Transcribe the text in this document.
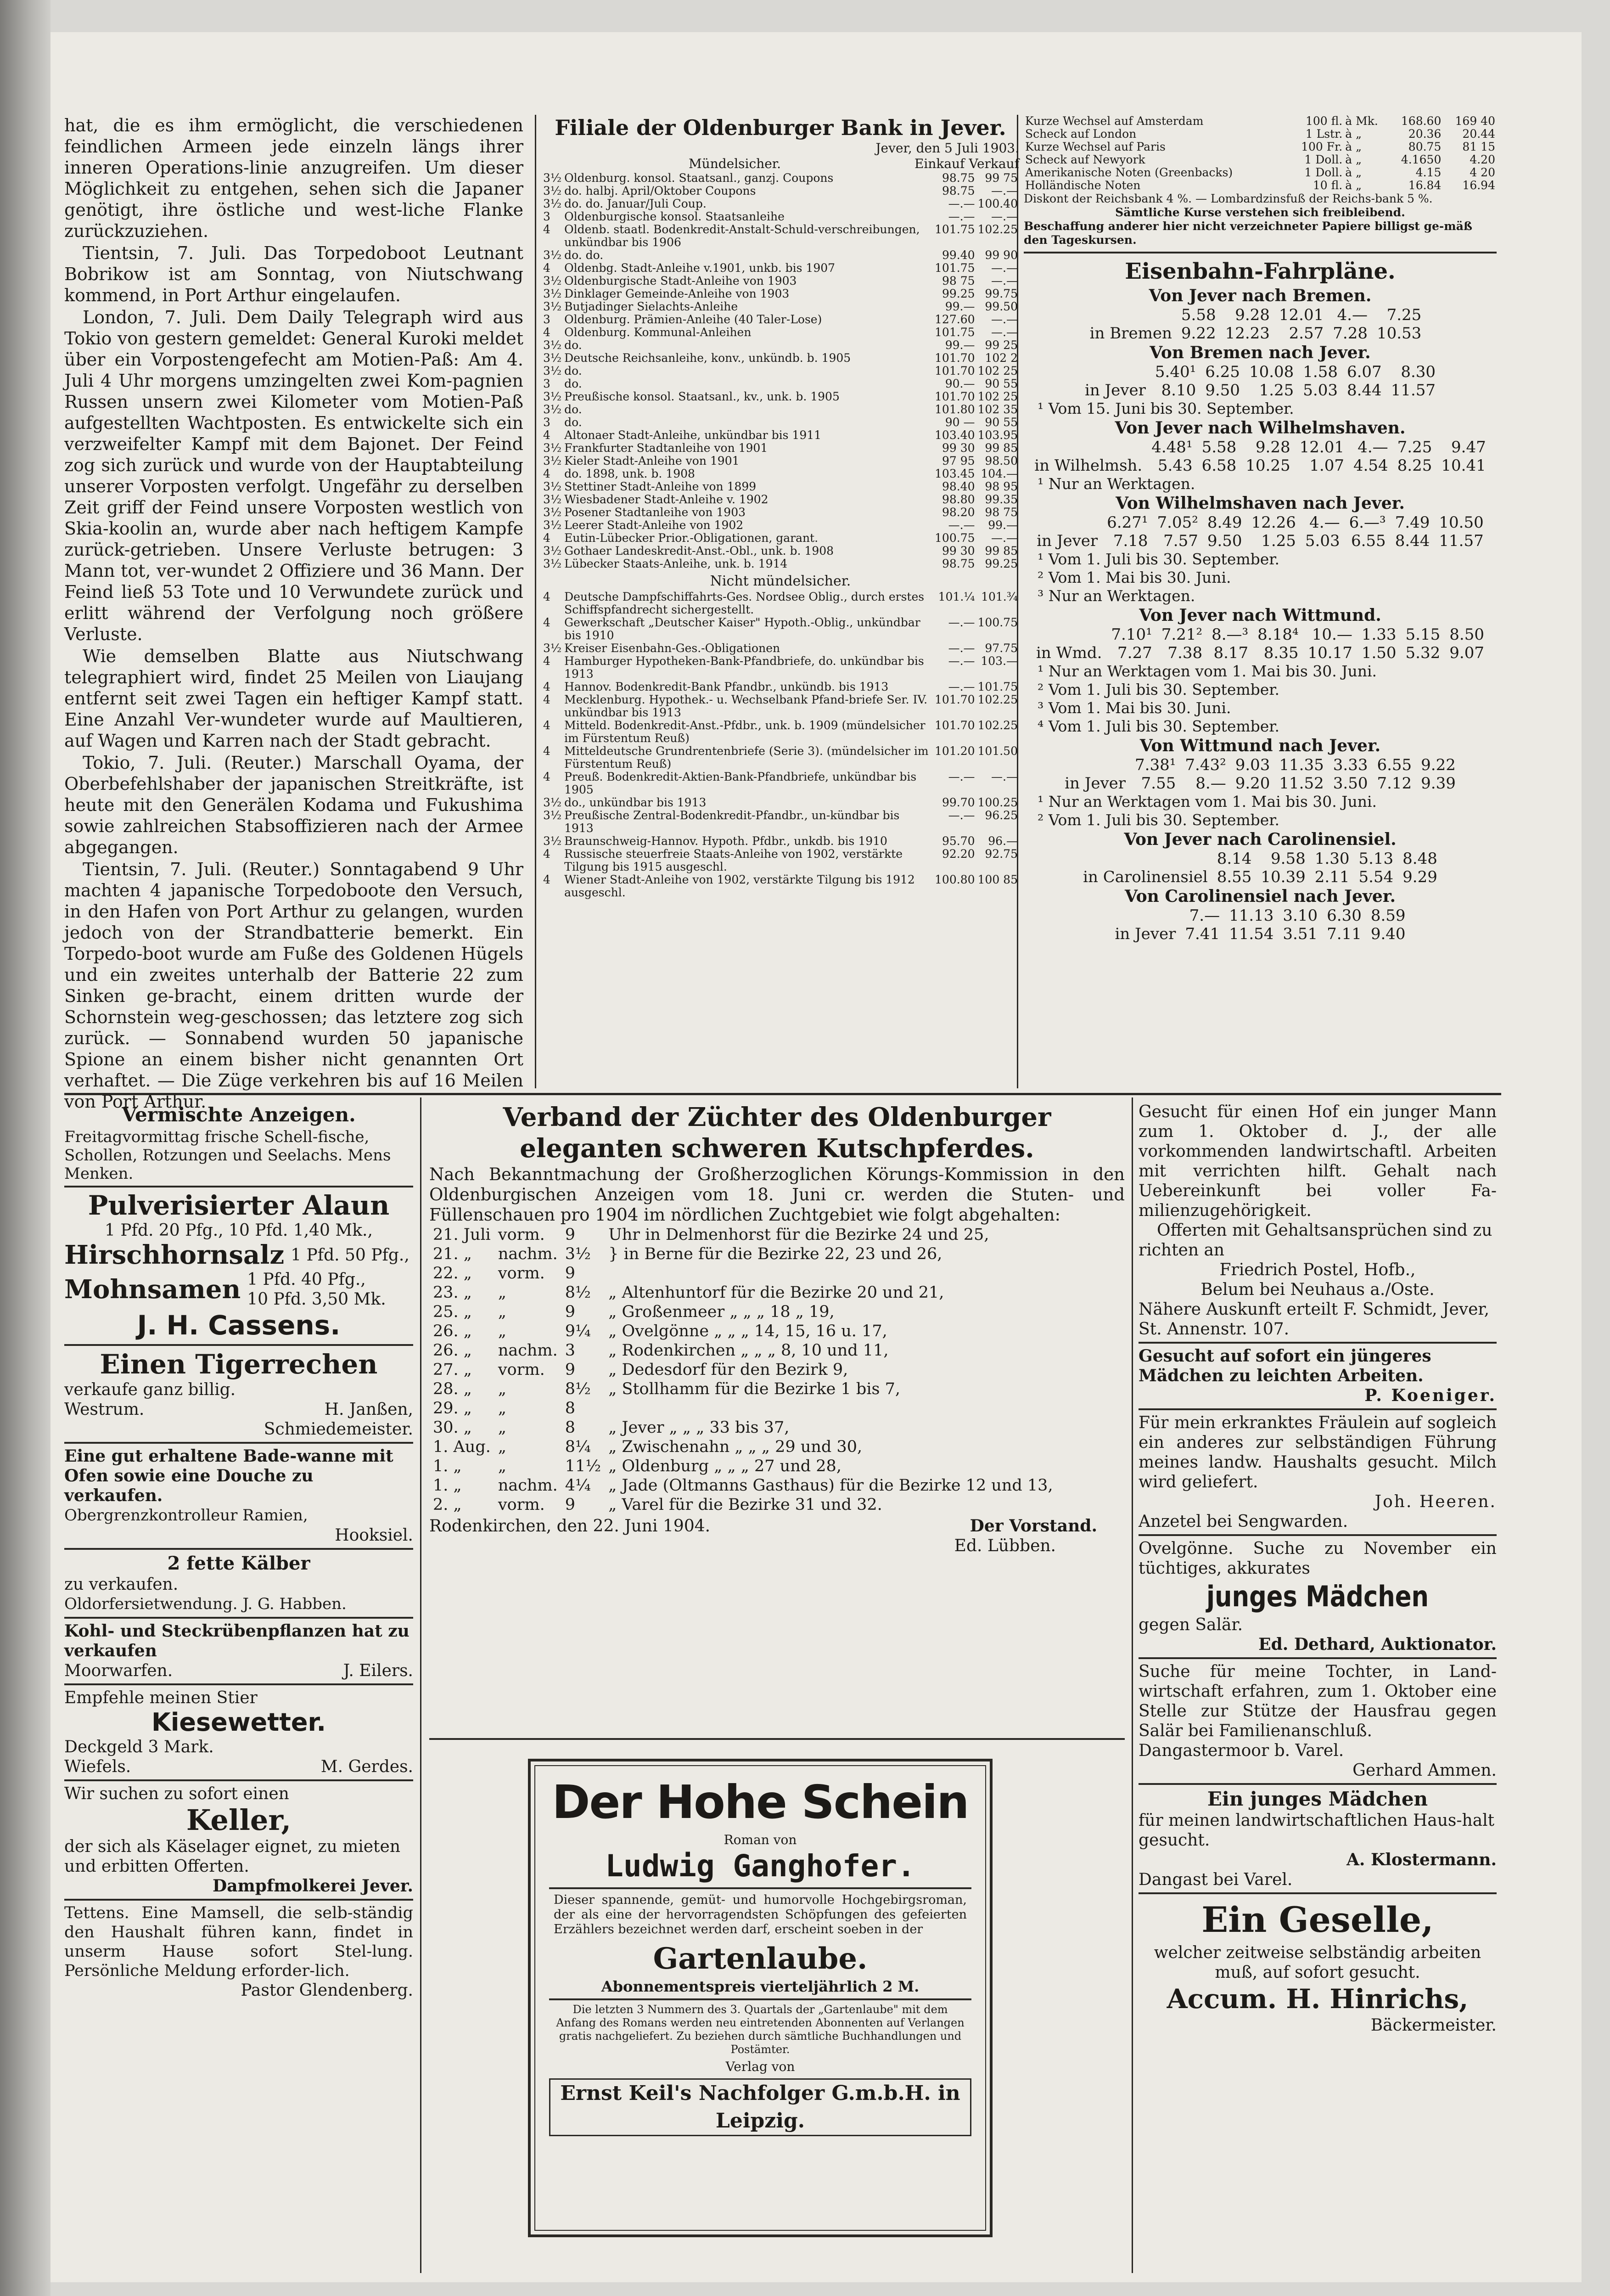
hat, die es ihm ermöglicht, die verschiedenen feindlichen Armeen jede einzeln längs ihrer inneren Operations-linie anzugreifen. Um dieser Möglichkeit zu entgehen, sehen sich die Japaner genötigt, ihre östliche und west-liche Flanke zurückzuziehen.

Tientsin, 7. Juli. Das Torpedoboot Leutnant Bobrikow ist am Sonntag, von Niutschwang kommend, in Port Arthur eingelaufen.

London, 7. Juli. Dem Daily Telegraph wird aus Tokio von gestern gemeldet: General Kuroki meldet über ein Vorpostengefecht am Motien-Paß: Am 4. Juli 4 Uhr morgens umzingelten zwei Kom-pagnien Russen unsern zwei Kilometer vom Motien-Paß aufgestellten Wachtposten. Es entwickelte sich ein verzweifelter Kampf mit dem Bajonet. Der Feind zog sich zurück und wurde von der Hauptabteilung unserer Vorposten verfolgt. Ungefähr zu derselben Zeit griff der Feind unsere Vorposten westlich von Skia-koolin an, wurde aber nach heftigem Kampfe zurück-getrieben. Unsere Verluste betrugen: 3 Mann tot, ver-wundet 2 Offiziere und 36 Mann. Der Feind ließ 53 Tote und 10 Verwundete zurück und erlitt während der Verfolgung noch größere Verluste.

Wie demselben Blatte aus Niutschwang telegraphiert wird, findet 25 Meilen von Liaujang entfernt seit zwei Tagen ein heftiger Kampf statt. Eine Anzahl Ver-wundeter wurde auf Maultieren, auf Wagen und Karren nach der Stadt gebracht.

Tokio, 7. Juli. (Reuter.) Marschall Oyama, der Oberbefehlshaber der japanischen Streitkräfte, ist heute mit den Generälen Kodama und Fukushima sowie zahlreichen Stabsoffizieren nach der Armee abgegangen.

Tientsin, 7. Juli. (Reuter.) Sonntagabend 9 Uhr machten 4 japanische Torpedoboote den Versuch, in den Hafen von Port Arthur zu gelangen, wurden jedoch von der Strandbatterie bemerkt. Ein Torpedo-boot wurde am Fuße des Goldenen Hügels und ein zweites unterhalb der Batterie 22 zum Sinken ge-bracht, einem dritten wurde der Schornstein weg-geschossen; das letztere zog sich zurück. — Sonnabend wurden 50 japanische Spione an einem bisher nicht genannten Ort verhaftet. — Die Züge verkehren bis auf 16 Meilen von Port Arthur.

Filiale der Oldenburger Bank in Jever.
Jever, den 5 Juli 1903.
Mündelsicher.	Einkauf Verkauf
3½	Oldenburg. konsol. Staatsanl., ganzj. Coupons	98.75	99 75
3½	do. halbj. April/Oktober Coupons	98.75	—.—
3½	do. do. Januar/Juli Coup.	—.—	100.40
3	Oldenburgische konsol. Staatsanleihe	—.—	—.—
4	Oldenb. staatl. Bodenkredit-Anstalt-Schuld-verschreibungen, unkündbar bis 1906	101.75	102.25
3½	do. do.	99.40	99 90
4	Oldenbg. Stadt-Anleihe v.1901, unkb. bis 1907	101.75	—.—
3½	Oldenburgische Stadt-Anleihe von 1903	98 75	—.—
3½	Dinklager Gemeinde-Anleihe von 1903	99.25	99.75
3½	Butjadinger Sielachts-Anleihe	99.—	99.50
3	Oldenburg. Prämien-Anleihe (40 Taler-Lose)	127.60	—.—
4	Oldenburg. Kommunal-Anleihen	101.75	—.—
3½	do.	99.—	99 25
3½	Deutsche Reichsanleihe, konv., unkündb. b. 1905	101.70	102 2
3½	do.	101.70	102 25
3	do.	90.—	90 55
3½	Preußische konsol. Staatsanl., kv., unk. b. 1905	101.70	102 25
3½	do.	101.80	102 35
3	do.	90 —	90 55
4	Altonaer Stadt-Anleihe, unkündbar bis 1911	103.40	103.95
3½	Frankfurter Stadtanleihe von 1901	99 30	99 85
3½	Kieler Stadt-Anleihe von 1901	97 95	98.50
4	do. 1898, unk. b. 1908	103.45	104.—
3½	Stettiner Stadt-Anleihe von 1899	98.40	98 95
3½	Wiesbadener Stadt-Anleihe v. 1902	98.80	99.35
3½	Posener Stadtanleihe von 1903	98.20	98 75
3½	Leerer Stadt-Anleihe von 1902	—.—	99.—
4	Eutin-Lübecker Prior.-Obligationen, garant.	100.75	—.—
3½	Gothaer Landeskredit-Anst.-Obl., unk. b. 1908	99 30	99 85
3½	Lübecker Staats-Anleihe, unk. b. 1914	98.75	99.25
Nicht mündelsicher.
4	Deutsche Dampfschiffahrts-Ges. Nordsee Oblig., durch erstes Schiffspfandrecht sichergestellt.	101.¼	101.¾
4	Gewerkschaft „Deutscher Kaiser" Hypoth.-Oblig., unkündbar bis 1910	—.—	100.75
3½	Kreiser Eisenbahn-Ges.-Obligationen	—.—	97.75
4	Hamburger Hypotheken-Bank-Pfandbriefe, do. unkündbar bis 1913	—.—	103.—
4	Hannov. Bodenkredit-Bank Pfandbr., unkündb. bis 1913	—.—	101.75
4	Mecklenburg. Hypothek.- u. Wechselbank Pfand-briefe Ser. IV. unkündbar bis 1913	101.70	102.25
4	Mitteld. Bodenkredit-Anst.-Pfdbr., unk. b. 1909 (mündelsicher im Fürstentum Reuß)	101.70	102.25
4	Mitteldeutsche Grundrentenbriefe (Serie 3). (mündelsicher im Fürstentum Reuß)	101.20	101.50
4	Preuß. Bodenkredit-Aktien-Bank-Pfandbriefe, unkündbar bis 1905	—.—	—.—
3½	do., unkündbar bis 1913	99.70	100.25
3½	Preußische Zentral-Bodenkredit-Pfandbr., un-kündbar bis 1913	—.—	96.25
3½	Braunschweig-Hannov. Hypoth. Pfdbr., unkdb. bis 1910	95.70	96.—
4	Russische steuerfreie Staats-Anleihe von 1902, verstärkte Tilgung bis 1915 ausgeschl.	92.20	92.75
4	Wiener Stadt-Anleihe von 1902, verstärkte Tilgung bis 1912 ausgeschl.	100.80	100 85
Kurze Wechsel auf Amsterdam	100 fl.	à Mk.	168.60	169 40
Scheck auf London	1 Lstr.	à „	20.36	20.44
Kurze Wechsel auf Paris	100 Fr.	à „	80.75	81 15
Scheck auf Newyork	1 Doll.	à „	4.1650	4.20
Amerikanische Noten (Greenbacks)	1 Doll.	à „	4.15	4 20
Holländische Noten	10 fl.	à „	16.84	16.94
Diskont der Reichsbank 4 %. — Lombardzinsfuß der Reichs-bank 5 %.
Sämtliche Kurse verstehen sich freibleibend.
Beschaffung anderer hier nicht verzeichneter Papiere billigst ge-mäß den Tageskursen.
Eisenbahn-Fahrpläne.
Von Jever nach Bremen.
	5.58	9.28	12.01	4.—	7.25	
in Bremen	9.22	12.23	2.57	7.28	10.53	
Von Bremen nach Jever.
	5.40¹	6.25	10.08	1.58	6.07	8.30
in Jever	8.10	9.50	1.25	5.03	8.44	11.57
¹ Vom 15. Juni bis 30. September.
Von Jever nach Wilhelmshaven.
	4.48¹	5.58	9.28	12.01	4.—	7.25	9.47
in Wilhelmsh.	5.43	6.58	10.25	1.07	4.54	8.25	10.41
¹ Nur an Werktagen.
Von Wilhelmshaven nach Jever.
	6.27¹	7.05²	8.49	12.26	4.—	6.—³	7.49	10.50
in Jever	7.18	7.57	9.50	1.25	5.03	6.55	8.44	11.57
¹ Vom 1. Juli bis 30. September.
² Vom 1. Mai bis 30. Juni.
³ Nur an Werktagen.
Von Jever nach Wittmund.
	7.10¹	7.21²	8.—³	8.18⁴	10.—	1.33	5.15	8.50
in Wmd.	7.27	7.38	8.17	8.35	10.17	1.50	5.32	9.07
¹ Nur an Werktagen vom 1. Mai bis 30. Juni.
² Vom 1. Juli bis 30. September.
³ Vom 1. Mai bis 30. Juni.
⁴ Vom 1. Juli bis 30. September.
Von Wittmund nach Jever.
	7.38¹	7.43²	9.03	11.35	3.33	6.55	9.22
in Jever	7.55	8.—	9.20	11.52	3.50	7.12	9.39
¹ Nur an Werktagen vom 1. Mai bis 30. Juni.
² Vom 1. Juli bis 30. September.
Von Jever nach Carolinensiel.
	8.14	9.58	1.30	5.13	8.48
in Carolinensiel	8.55	10.39	2.11	5.54	9.29
Von Carolinensiel nach Jever.
	7.—	11.13	3.10	6.30	8.59
in Jever	7.41	11.54	3.51	7.11	9.40
Vermischte Anzeigen.
Freitagvormittag frische Schell-fische, Schollen, Rotzungen und Seelachs. Mens Menken.
Pulverisierter Alaun
1 Pfd. 20 Pfg., 10 Pfd. 1,40 Mk.,
Hirschhornsalz 1 Pfd. 50 Pfg.,
Mohnsamen 1 Pfd. 40 Pfg.,
10 Pfd. 3,50 Mk.
J. H. Cassens.
Einen Tigerrechen
verkaufe ganz billig.
Westrum.	H. Janßen,
Schmiedemeister.
Eine gut erhaltene Bade-wanne mit Ofen sowie eine Douche zu verkaufen.
Obergrenzkontrolleur Ramien,
Hooksiel.
2 fette Kälber
zu verkaufen.
Oldorfersietwendung. J. G. Habben.
Kohl- und Steckrübenpflanzen hat zu verkaufen
Moorwarfen.	J. Eilers.
Empfehle meinen Stier
Kiesewetter.
Deckgeld 3 Mark.
Wiefels.	M. Gerdes.
Wir suchen zu sofort einen
Keller,
der sich als Käselager eignet, zu mieten und erbitten Offerten.
Dampfmolkerei Jever.
Tettens. Eine Mamsell, die selb-ständig den Haushalt führen kann, findet in unserm Hause sofort Stel-lung. Persönliche Meldung erforder-lich.
Pastor Glendenberg.
Verband der Züchter des Oldenburger
eleganten schweren Kutschpferdes.
Nach Bekanntmachung der Großherzoglichen Körungs-Kommission in den Oldenburgischen Anzeigen vom 18. Juni cr. werden die Stuten- und Füllenschauen pro 1904 im nördlichen Zuchtgebiet wie folgt abgehalten:
21. Juli	vorm.	9	Uhr in Delmenhorst für die Bezirke 24 und 25,
21. „	nachm.	3½	} in Berne für die Bezirke 22, 23 und 26,
22. „	vorm.	9	
23. „	„	8½	„ Altenhuntorf für die Bezirke 20 und 21,
25. „	„	9	„ Großenmeer „ „ „ 18 „ 19,
26. „	„	9¼	„ Ovelgönne „ „ „ 14, 15, 16 u. 17,
26. „	nachm.	3	„ Rodenkirchen „ „ „ 8, 10 und 11,
27. „	vorm.	9	„ Dedesdorf für den Bezirk 9,
28. „	„	8½	„ Stollhamm für die Bezirke 1 bis 7,
29. „	„	8	
30. „	„	8	„ Jever „ „ „ 33 bis 37,
1. Aug.	„	8¼	„ Zwischenahn „ „ „ 29 und 30,
1. „	„	11½	„ Oldenburg „ „ „ 27 und 28,
1. „	nachm.	4¼	„ Jade (Oltmanns Gasthaus) für die Bezirke 12 und 13,
2. „	vorm.	9	„ Varel für die Bezirke 31 und 32.
Rodenkirchen, den 22. Juni 1904.	Der Vorstand.
Ed. Lübben.
Der Hohe Schein
Roman von
Ludwig Ganghofer.
Dieser spannende, gemüt- und humorvolle Hochgebirgsroman, der als eine der hervorragendsten Schöpfungen des gefeierten Erzählers bezeichnet werden darf, erscheint soeben in der
Gartenlaube.
Abonnementspreis vierteljährlich 2 M.
Die letzten 3 Nummern des 3. Quartals der „Gartenlaube" mit dem Anfang des Romans werden neu eintretenden Abonnenten auf Verlangen gratis nachgeliefert. Zu beziehen durch sämtliche Buchhandlungen und Postämter.
Verlag von
Ernst Keil's Nachfolger G.m.b.H. in Leipzig.
Gesucht für einen Hof ein junger Mann zum 1. Oktober d. J., der alle vorkommenden landwirtschaftl. Arbeiten mit verrichten hilft. Gehalt nach Uebereinkunft bei voller Fa-milienzugehörigkeit.
Offerten mit Gehaltsansprüchen sind zu richten an
Friedrich Postel, Hofb.,
Belum bei Neuhaus a./Oste.
Nähere Auskunft erteilt F. Schmidt, Jever, St. Annenstr. 107.
Gesucht auf sofort ein jüngeres Mädchen zu leichten Arbeiten.
P. Koeniger.
Für mein erkranktes Fräulein auf sogleich ein anderes zur selbständigen Führung meines landw. Haushalts gesucht. Milch wird geliefert.
Joh. Heeren.
Anzetel bei Sengwarden.
Ovelgönne. Suche zu November ein tüchtiges, akkurates
junges Mädchen
gegen Salär.
Ed. Dethard, Auktionator.
Suche für meine Tochter, in Land-wirtschaft erfahren, zum 1. Oktober eine Stelle zur Stütze der Hausfrau gegen Salär bei Familienanschluß.
Dangastermoor b. Varel.
Gerhard Ammen.
Ein junges Mädchen
für meinen landwirtschaftlichen Haus-halt gesucht.
A. Klostermann.
Dangast bei Varel.
Ein Geselle,
welcher zeitweise selbständig arbeiten muß, auf sofort gesucht.
Accum. H. Hinrichs,
Bäckermeister.
